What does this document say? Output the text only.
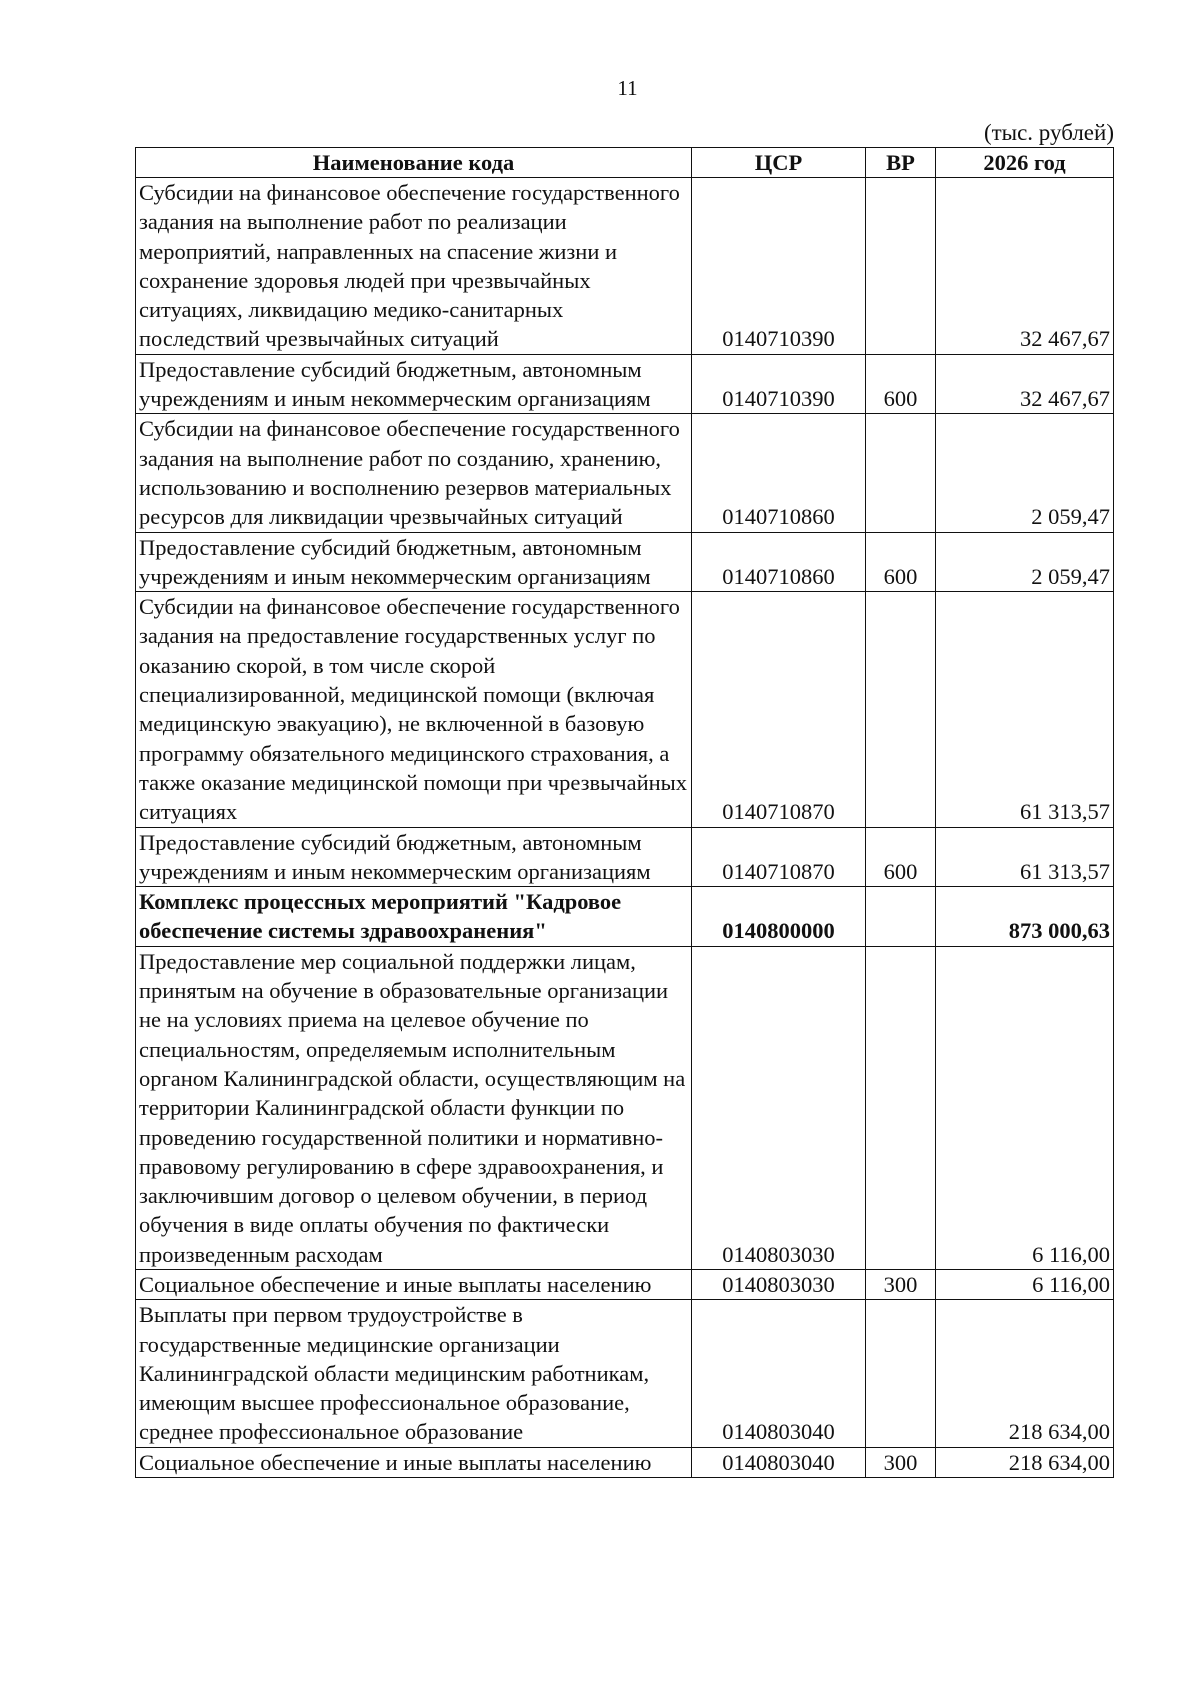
11
(тыс. рублей)
Наименование кода	ЦСР	ВР	2026 год
Субсидии на финансовое обеспечение государственного задания на выполнение работ по реализации мероприятий, направленных на спасение жизни и сохранение здоровья людей при чрезвычайных ситуациях, ликвидацию медико-санитарных последствий чрезвычайных ситуаций	0140710390		32 467,67
Предоставление субсидий бюджетным, автономным учреждениям и иным некоммерческим организациям	0140710390	600	32 467,67
Субсидии на финансовое обеспечение государственного задания на выполнение работ по созданию, хранению, использованию и восполнению резервов материальных ресурсов для ликвидации чрезвычайных ситуаций	0140710860		2 059,47
Предоставление субсидий бюджетным, автономным учреждениям и иным некоммерческим организациям	0140710860	600	2 059,47
Субсидии на финансовое обеспечение государственного задания на предоставление государственных услуг по оказанию скорой, в том числе скорой специализированной, медицинской помощи (включая медицинскую эвакуацию), не включенной в базовую программу обязательного медицинского страхования, а также оказание медицинской помощи при чрезвычайных ситуациях	0140710870		61 313,57
Предоставление субсидий бюджетным, автономным учреждениям и иным некоммерческим организациям	0140710870	600	61 313,57
Комплекс процессных мероприятий "Кадровое обеспечение системы здравоохранения"	0140800000		873 000,63
Предоставление мер социальной поддержки лицам, принятым на обучение в образовательные организации не на условиях приема на целевое обучение по специальностям, определяемым исполнительным органом Калининградской области, осуществляющим на территории Калининградской области функции по проведению государственной политики и нормативно-правовому регулированию в сфере здравоохранения, и заключившим договор о целевом обучении, в период обучения в виде оплаты обучения по фактически произведенным расходам	0140803030		6 116,00
Социальное обеспечение и иные выплаты населению	0140803030	300	6 116,00
Выплаты при первом трудоустройстве в государственные медицинские организации Калининградской области медицинским работникам, имеющим высшее профессиональное образование, среднее профессиональное образование	0140803040		218 634,00
Социальное обеспечение и иные выплаты населению	0140803040	300	218 634,00
